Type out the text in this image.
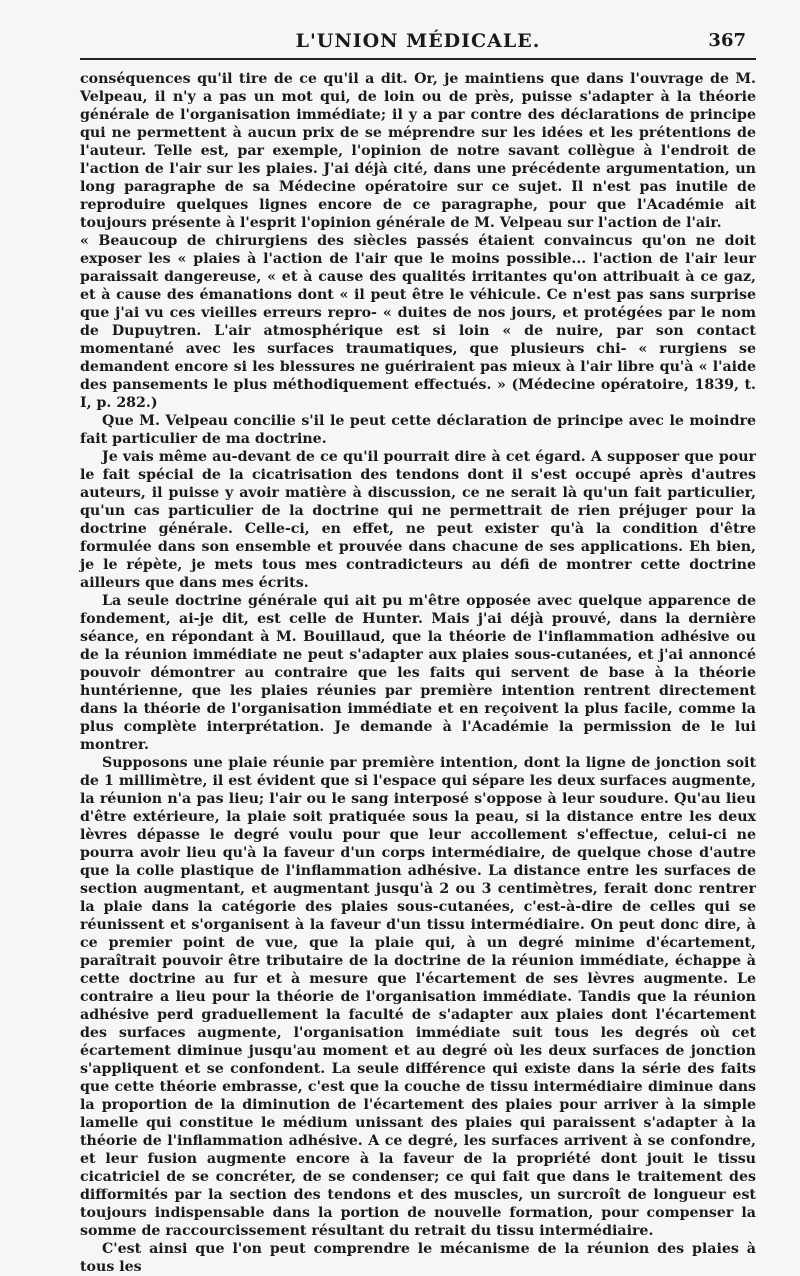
L'UNION MÉDICALE.	367

conséquences qu'il tire de ce qu'il a dit. Or, je maintiens que dans l'ouvrage de M. Velpeau, il n'y a pas un mot qui, de loin ou de près, puisse s'adapter à la théorie générale de l'organisation immédiate; il y a par contre des déclarations de principe qui ne permettent à aucun prix de se méprendre sur les idées et les prétentions de l'auteur. Telle est, par exemple, l'opinion de notre savant collègue à l'endroit de l'action de l'air sur les plaies. J'ai déjà cité, dans une précédente argumentation, un long paragraphe de sa Médecine opératoire sur ce sujet. Il n'est pas inutile de reproduire quelques lignes encore de ce paragraphe, pour que l'Académie ait toujours présente à l'esprit l'opinion générale de M. Velpeau sur l'action de l'air.

« Beaucoup de chirurgiens des siècles passés étaient convaincus qu'on ne doit exposer les « plaies à l'action de l'air que le moins possible... l'action de l'air leur paraissait dangereuse, « et à cause des qualités irritantes qu'on attribuait à ce gaz, et à cause des émanations dont « il peut être le véhicule. Ce n'est pas sans surprise que j'ai vu ces vieilles erreurs repro- « duites de nos jours, et protégées par le nom de Dupuytren. L'air atmosphérique est si loin « de nuire, par son contact momentané avec les surfaces traumatiques, que plusieurs chi- « rurgiens se demandent encore si les blessures ne guériraient pas mieux à l'air libre qu'à « l'aide des pansements le plus méthodiquement effectués. » (Médecine opératoire, 1839, t. I, p. 282.)

Que M. Velpeau concilie s'il le peut cette déclaration de principe avec le moindre fait particulier de ma doctrine.

Je vais même au-devant de ce qu'il pourrait dire à cet égard. A supposer que pour le fait spécial de la cicatrisation des tendons dont il s'est occupé après d'autres auteurs, il puisse y avoir matière à discussion, ce ne serait là qu'un fait particulier, qu'un cas particulier de la doctrine qui ne permettrait de rien préjuger pour la doctrine générale. Celle-ci, en effet, ne peut exister qu'à la condition d'être formulée dans son ensemble et prouvée dans chacune de ses applications. Eh bien, je le répète, je mets tous mes contradicteurs au défi de montrer cette doctrine ailleurs que dans mes écrits.

La seule doctrine générale qui ait pu m'être opposée avec quelque apparence de fondement, ai-je dit, est celle de Hunter. Mais j'ai déjà prouvé, dans la dernière séance, en répondant à M. Bouillaud, que la théorie de l'inflammation adhésive ou de la réunion immédiate ne peut s'adapter aux plaies sous-cutanées, et j'ai annoncé pouvoir démontrer au contraire que les faits qui servent de base à la théorie huntérienne, que les plaies réunies par première intention rentrent directement dans la théorie de l'organisation immédiate et en reçoivent la plus facile, comme la plus complète interprétation. Je demande à l'Académie la permission de le lui montrer.

Supposons une plaie réunie par première intention, dont la ligne de jonction soit de 1 millimètre, il est évident que si l'espace qui sépare les deux surfaces augmente, la réunion n'a pas lieu; l'air ou le sang interposé s'oppose à leur soudure. Qu'au lieu d'être extérieure, la plaie soit pratiquée sous la peau, si la distance entre les deux lèvres dépasse le degré voulu pour que leur accollement s'effectue, celui-ci ne pourra avoir lieu qu'à la faveur d'un corps intermédiaire, de quelque chose d'autre que la colle plastique de l'inflammation adhésive. La distance entre les surfaces de section augmentant, et augmentant jusqu'à 2 ou 3 centimètres, ferait donc rentrer la plaie dans la catégorie des plaies sous-cutanées, c'est-à-dire de celles qui se réunissent et s'organisent à la faveur d'un tissu intermédiaire. On peut donc dire, à ce premier point de vue, que la plaie qui, à un degré minime d'écartement, paraîtrait pouvoir être tributaire de la doctrine de la réunion immédiate, échappe à cette doctrine au fur et à mesure que l'écartement de ses lèvres augmente. Le contraire a lieu pour la théorie de l'organisation immédiate. Tandis que la réunion adhésive perd graduellement la faculté de s'adapter aux plaies dont l'écartement des surfaces augmente, l'organisation immédiate suit tous les degrés où cet écartement diminue jusqu'au moment et au degré où les deux surfaces de jonction s'appliquent et se confondent. La seule différence qui existe dans la série des faits que cette théorie embrasse, c'est que la couche de tissu intermédiaire diminue dans la proportion de la diminution de l'écartement des plaies pour arriver à la simple lamelle qui constitue le médium unissant des plaies qui paraissent s'adapter à la théorie de l'inflammation adhésive. A ce degré, les surfaces arrivent à se confondre, et leur fusion augmente encore à la faveur de la propriété dont jouit le tissu cicatriciel de se concréter, de se condenser; ce qui fait que dans le traitement des difformités par la section des tendons et des muscles, un surcroît de longueur est toujours indispensable dans la portion de nouvelle formation, pour compenser la somme de raccourcissement résultant du retrait du tissu intermédiaire.

C'est ainsi que l'on peut comprendre le mécanisme de la réunion des plaies à tous les
